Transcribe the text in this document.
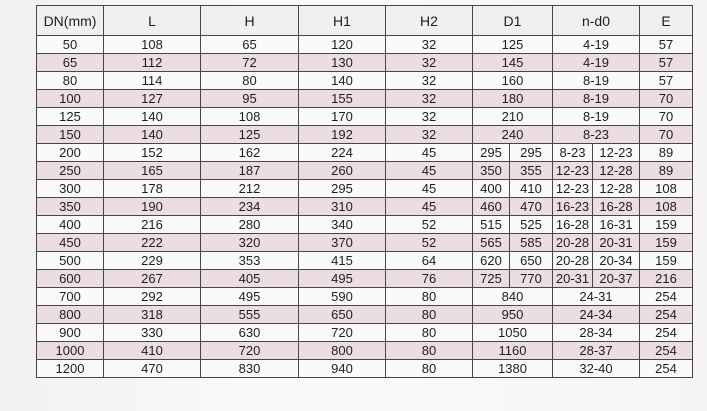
DN(mm)	L	H	H1	H2	D1		n-d0		E
50	108	65	120	32	125		4-19		57
65	112	72	130	32	145		4-19		57
80	114	80	140	32	160		8-19		57
100	127	95	155	32	180		8-19		70
125	140	108	170	32	210		8-19		70
150	140	125	192	32	240		8-23		70
200	152	162	224	45	295	295	8-23	12-23	89
250	165	187	260	45	350	355	12-23	12-28	89
300	178	212	295	45	400	410	12-23	12-28	108
350	190	234	310	45	460	470	16-23	16-28	108
400	216	280	340	52	515	525	16-28	16-31	159
450	222	320	370	52	565	585	20-28	20-31	159
500	229	353	415	64	620	650	20-28	20-34	159
600	267	405	495	76	725	770	20-31	20-37	216
700	292	495	590	80	840		24-31		254
800	318	555	650	80	950		24-34		254
900	330	630	720	80	1050		28-34		254
1000	410	720	800	80	1160		28-37		254
1200	470	830	940	80	1380		32-40		254
